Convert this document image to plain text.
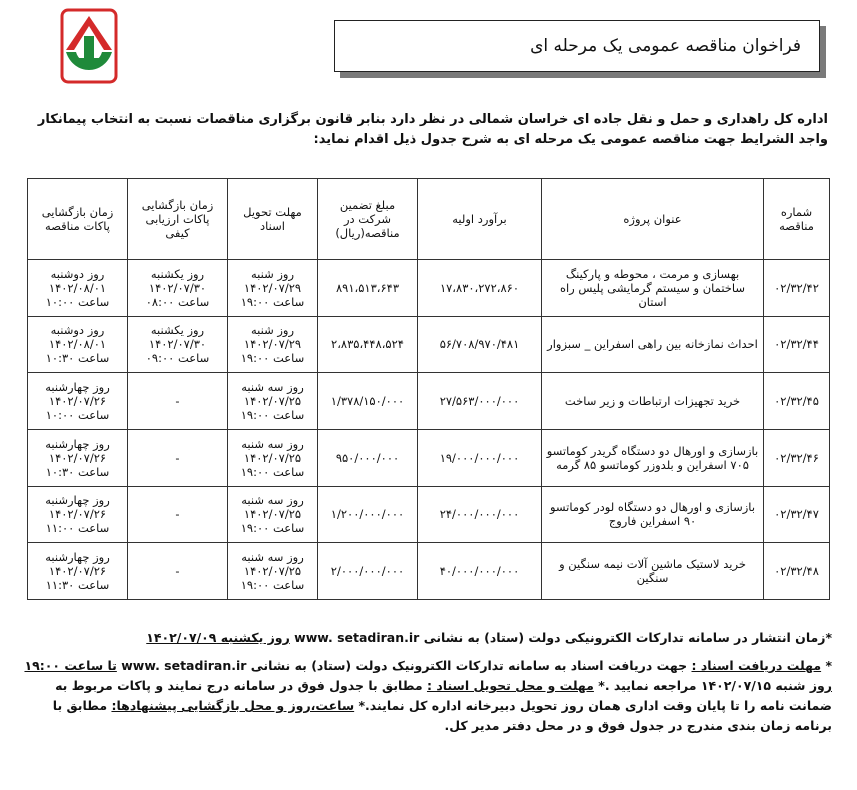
فراخوان مناقصه عمومی یک مرحله ای
اداره کل راهداری و حمل و نقل جاده ای خراسان شمالی در نظر دارد بنابر قانون برگزاری مناقصات نسبت به انتخاب پیمانکار واجد الشرایط جهت مناقصه عمومی یک مرحله ای به شرح جدول ذیل اقدام نماید:
شماره مناقصه	عنوان پروژه	برآورد اولیه	مبلغ تضمین شرکت در مناقصه(ریال)	مهلت تحویل اسناد	زمان بازگشایی پاکات ارزیابی کیفی	زمان بازگشایی پاکات مناقصه
۰۲/۳۲/۴۲	بهسازی و مرمت ، محوطه و پارکینگ ساختمان و سیستم گرمایشی پلیس راه استان	۱۷،۸۳۰،۲۷۲،۸۶۰	۸۹۱،۵۱۳،۶۴۳	روز شنبه ۱۴۰۲/۰۷/۲۹ ساعت ۱۹:۰۰	روز یکشنبه ۱۴۰۲/۰۷/۳۰ ساعت ۰۸:۰۰	روز دوشنبه ۱۴۰۲/۰۸/۰۱ ساعت ۱۰:۰۰
۰۲/۳۲/۴۴	احداث نمازخانه بین راهی اسفراین _ سبزوار	۵۶/۷۰۸/۹۷۰/۴۸۱	۲،۸۳۵،۴۴۸،۵۲۴	روز شنبه ۱۴۰۲/۰۷/۲۹ ساعت ۱۹:۰۰	روز یکشنبه ۱۴۰۲/۰۷/۳۰ ساعت ۰۹:۰۰	روز دوشنبه ۱۴۰۲/۰۸/۰۱ ساعت ۱۰:۳۰
۰۲/۳۲/۴۵	خرید تجهیزات ارتباطات و زیر ساخت	۲۷/۵۶۳/۰۰۰/۰۰۰	۱/۳۷۸/۱۵۰/۰۰۰	روز سه شنبه ۱۴۰۲/۰۷/۲۵ ساعت ۱۹:۰۰	-	روز چهارشنبه ۱۴۰۲/۰۷/۲۶ ساعت ۱۰:۰۰
۰۲/۳۲/۴۶	بازسازی و اورهال دو دستگاه گریدر کوماتسو ۷۰۵ اسفراین و بلدوزر کوماتسو ۸۵ گرمه	۱۹/۰۰۰/۰۰۰/۰۰۰	۹۵۰/۰۰۰/۰۰۰	روز سه شنبه ۱۴۰۲/۰۷/۲۵ ساعت ۱۹:۰۰	-	روز چهارشنبه ۱۴۰۲/۰۷/۲۶ ساعت ۱۰:۳۰
۰۲/۳۲/۴۷	بازسازی و اورهال دو دستگاه لودر کوماتسو ۹۰ اسفراین فاروج	۲۴/۰۰۰/۰۰۰/۰۰۰	۱/۲۰۰/۰۰۰/۰۰۰	روز سه شنبه ۱۴۰۲/۰۷/۲۵ ساعت ۱۹:۰۰	-	روز چهارشنبه ۱۴۰۲/۰۷/۲۶ ساعت ۱۱:۰۰
۰۲/۳۲/۴۸	خرید لاستیک ماشین آلات نیمه سنگین و سنگین	۴۰/۰۰۰/۰۰۰/۰۰۰	۲/۰۰۰/۰۰۰/۰۰۰	روز سه شنبه ۱۴۰۲/۰۷/۲۵ ساعت ۱۹:۰۰	-	روز چهارشنبه ۱۴۰۲/۰۷/۲۶ ساعت ۱۱:۳۰

*زمان انتشار در سامانه تدارکات الکترونیکی دولت (ستاد) به نشانی www. setadiran.ir روز یکشنبه ۱۴۰۲/۰۷/۰۹

* مهلت دریافت اسناد : جهت دریافت اسناد به سامانه تدارکات الکترونیک دولت (ستاد) به نشانی www. setadiran.ir تا ساعت ۱۹:۰۰ روز شنبه ۱۴۰۲/۰۷/۱۵ مراجعه نمایید .* مهلت و محل تحویل اسناد : مطابق با جدول فوق در سامانه درج نمایند و پاکات مربوط به ضمانت نامه را تا پایان وقت اداری همان روز تحویل دبیرخانه اداره کل نمایند.* ساعت،روز و محل بازگشایی پیشنهادها: مطابق با برنامه زمان بندی مندرج در جدول فوق و در محل دفتر مدیر کل.
